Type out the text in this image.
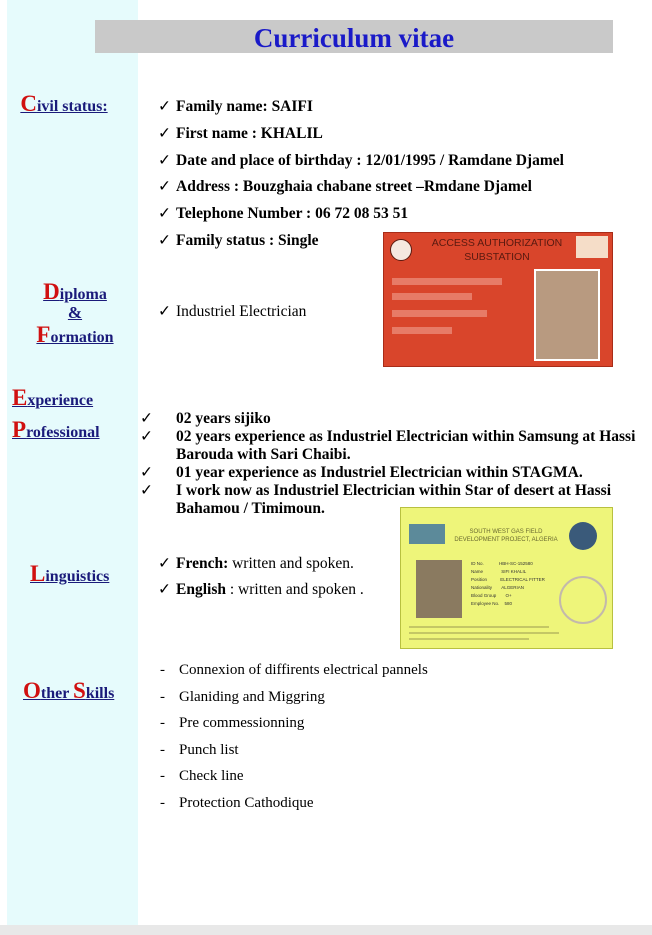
Curriculum vitae
Civil status:
Diploma
&
Formation
Experience
Professional
Linguistics
Other Skills
✓ Family name: SAIFI
✓ First name : KHALIL
✓ Date and place of birthday : 12/01/1995 / Ramdane Djamel
✓ Address : Bouzghaia chabane street –Rmdane Djamel
✓ Telephone Number : 06 72 08 53 51
✓ Family status : Single	ACCESS AUTHORIZATION SUBSTATION
✓ Industriel Electrician
✓ 02 years sijiko
✓ 02 years experience as Industriel Electrician within Samsung at Hassi Barouda with Sari Chaibi.
✓ 01 year experience as Industriel Electrician within STAGMA.
✓ I work now as Industriel Electrician within Star of desert at Hassi Bahamou / Timimoun.
SOUTH WEST GAS FIELD DEVELOPMENT PROJECT, ALGERIA
ID No.	HBH-SC-152580
Name	SIFI KHALIL
Position	ELECTRICAL FITTER
Nationality ALGERIAN
Blood Group O+
Employee No. 580
✓ French: written and spoken.
✓ English : written and spoken .
- Connexion of diffirents electrical pannels
- Glaniding and Miggring
- Pre commessionning
- Punch list
- Check line
- Protection Cathodique
